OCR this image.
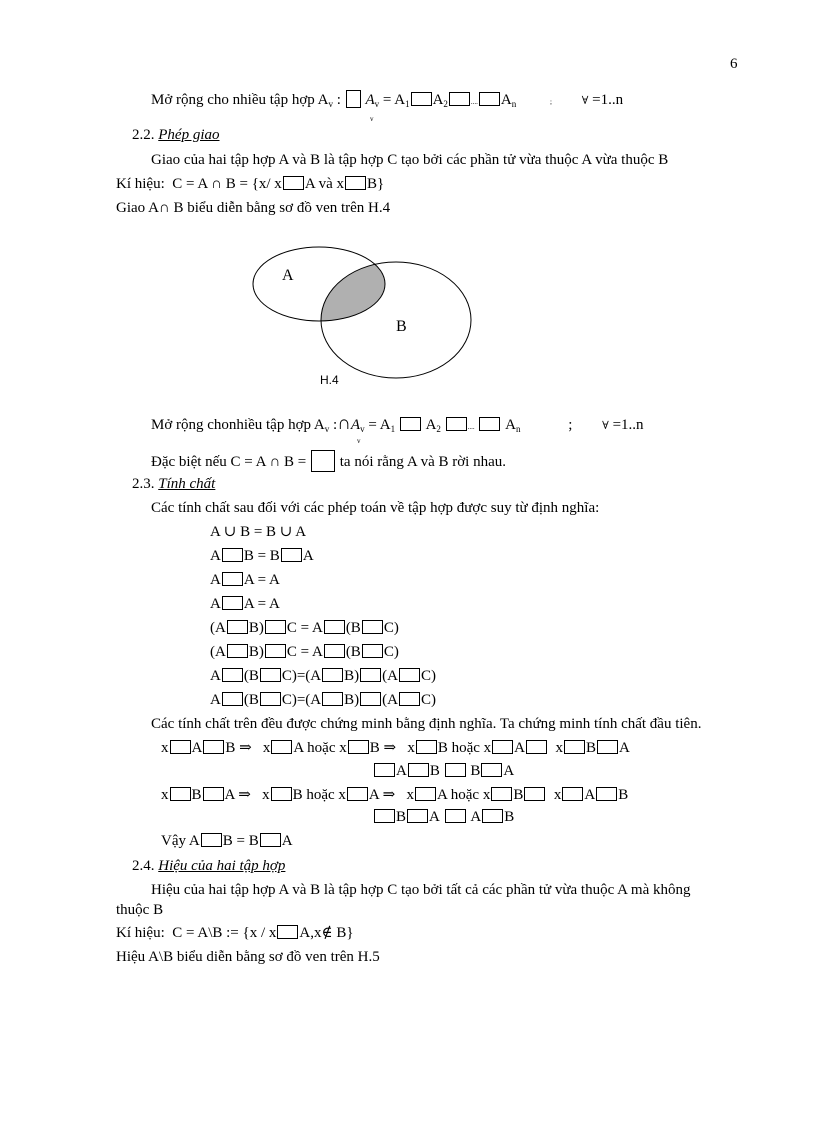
6
Mở rộng cho nhiều tập hợp $A_v$ :  $A_v = A_1$ $A_2$	.... $A_n$	;	∀ =1..n
v
2.2. Phép giao
Giao của hai tập hợp A và B là tập hợp C tạo bởi các phần tử vừa thuộc A vừa thuộc B
Kí hiệu: C = A ∩ B = {x/ x A và x B}
Giao A∩ B biểu diễn bằng sơ đồ ven trên H.4
A
B
H.4
Mở rộng chonhiều tập hợp $A_v$ $:\cap A_v = A_1$  $A_2$	....  $A_n$	;	∀ =1..n
v
Đặc biệt nếu C = A ∩ B = ta nói rằng A và B rời nhau.
2.3. Tính chất
Các tính chất sau đối với các phép toán về tập hợp được suy từ định nghĩa:
A ∪ B = B ∪ A
A B = B A
A A = A
A A = A
(A B) C = A (B C)
(A B) C = A (B C)
A (B C)=(A B) (A C)
A (B C)=(A B) (A C)
Các tính chất trên đều được chứng minh bằng định nghĩa. Ta chứng minh tính chất đầu tiên.
x A B ⇒ x A hoặc x B ⇒ x B hoặc x A x B A
A B B A
x B A ⇒ x B hoặc x A ⇒ x A hoặc x B x A B
B A A B
Vậy A B = B A
2.4. Hiệu của hai tập hợp
Hiệu của hai tập hợp A và B là tập hợp C tạo bởi tất cả các phần tử vừa thuộc A mà không
thuộc B
Kí hiệu: C = A\B := {x / x A,x∉ B}
Hiệu A\B biểu diễn bằng sơ đồ ven trên H.5
